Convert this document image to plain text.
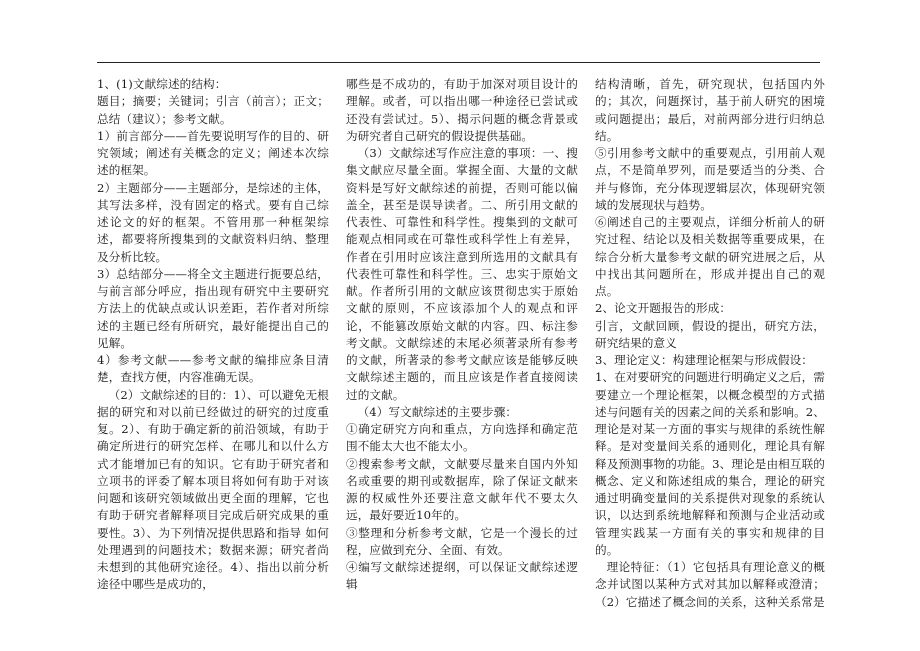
1、(1)文献综述的结构：

题目；摘要；关键词；引言（前言）；正文；总结（建议）；参考文献。

1）前言部分——首先要说明写作的目的、研究领域；阐述有关概念的定义；阐述本次综述的框架。

2）主题部分——主题部分，是综述的主体，其写法多样，没有固定的格式。要有自己综述论文的好的框架。不管用那一种框架综述，都要将所搜集到的文献资料归纳、整理及分析比较。

3）总结部分——将全文主题进行扼要总结，与前言部分呼应，指出现有研究中主要研究方法上的优缺点或认识差距，若作者对所综述的主题已经有所研究，最好能提出自己的见解。

4）参考文献——参考文献的编排应条目清楚，查找方便，内容准确无误。

（2）文献综述的目的：1）、可以避免无根据的研究和对以前已经做过的研究的过度重复。2）、有助于确定新的前沿领域，有助于确定所进行的研究怎样、在哪儿和以什么方式才能增加已有的知识。它有助于研究者和立项书的评委了解本项目将如何有助于对该问题和该研究领域做出更全面的理解，它也有助于研究者解释项目完成后研究成果的重要性。3）、为下列情况提供思路和指导 如何处理遇到的问题技术；数据来源；研究者尚未想到的其他研究途径。4）、指出以前分析途径中哪些是成功的，

哪些是不成功的，有助于加深对项目设计的理解。或者，可以指出哪一种途径已尝试或还没有尝试过。5）、揭示问题的概念背景或为研究者自己研究的假设提供基础。

（3）文献综述写作应注意的事项：一、搜集文献应尽量全面。掌握全面、大量的文献资料是写好文献综述的前提，否则可能以偏盖全，甚至是误导读者。二、所引用文献的代表性、可靠性和科学性。搜集到的文献可能观点相同或在可靠性或科学性上有差异，作者在引用时应该注意到所选用的文献具有代表性可靠性和科学性。三、忠实于原始文献。作者所引用的文献应该贯彻忠实于原始文献的原则，不应该添加个人的观点和评论，不能篡改原始文献的内容。四、标注参考文献。文献综述的末尾必须著录所有参考的文献，所著录的参考文献应该是能够反映文献综述主题的，而且应该是作者直接阅读过的文献。

（4）写文献综述的主要步骤：

①确定研究方向和重点，方向选择和确定范围不能太大也不能太小。

②搜索参考文献，文献要尽量来自国内外知名或重要的期刊或数据库，除了保证文献来源的权威性外还要注意文献年代不要太久远，最好要近10年的。

③整理和分析参考文献，它是一个漫长的过程，应做到充分、全面、有效。

④编写文献综述提纲，可以保证文献综述逻辑

结构清晰，首先，研究现状，包括国内外的；其次，问题探讨，基于前人研究的困境或问题提出；最后，对前两部分进行归纳总结。

⑤引用参考文献中的重要观点，引用前人观点，不是简单罗列，而是要适当的分类、合并与修饰，充分体现逻辑层次，体现研究领域的发展现状与趋势。

⑥阐述自己的主要观点，详细分析前人的研究过程、结论以及相关数据等重要成果，在综合分析大量参考文献的研究进展之后，从中找出其问题所在，形成并提出自己的观点。

2、论文开题报告的形成：

引言，文献回顾，假设的提出，研究方法，研究结果的意义

3、理论定义：构建理论框架与形成假设：

1、在对要研究的问题进行明确定义之后，需要建立一个理论框架，以概念模型的方式描述与问题有关的因素之间的关系和影响。2、理论是对某一方面的事实与规律的系统性解释。是对变量间关系的通则化，理论具有解释及预测事物的功能。3、理论是由相互联的概念、定义和陈述组成的集合，理论的研究通过明确变量间的关系提供对现象的系统认识，以达到系统地解释和预测与企业活动或管理实践某一方面有关的事实和规律的目的。

理论特征：（1）它包括具有理论意义的概念并试图以某种方式对其加以解释或澄清；（2）它描述了概念间的关系，这种关系常是
